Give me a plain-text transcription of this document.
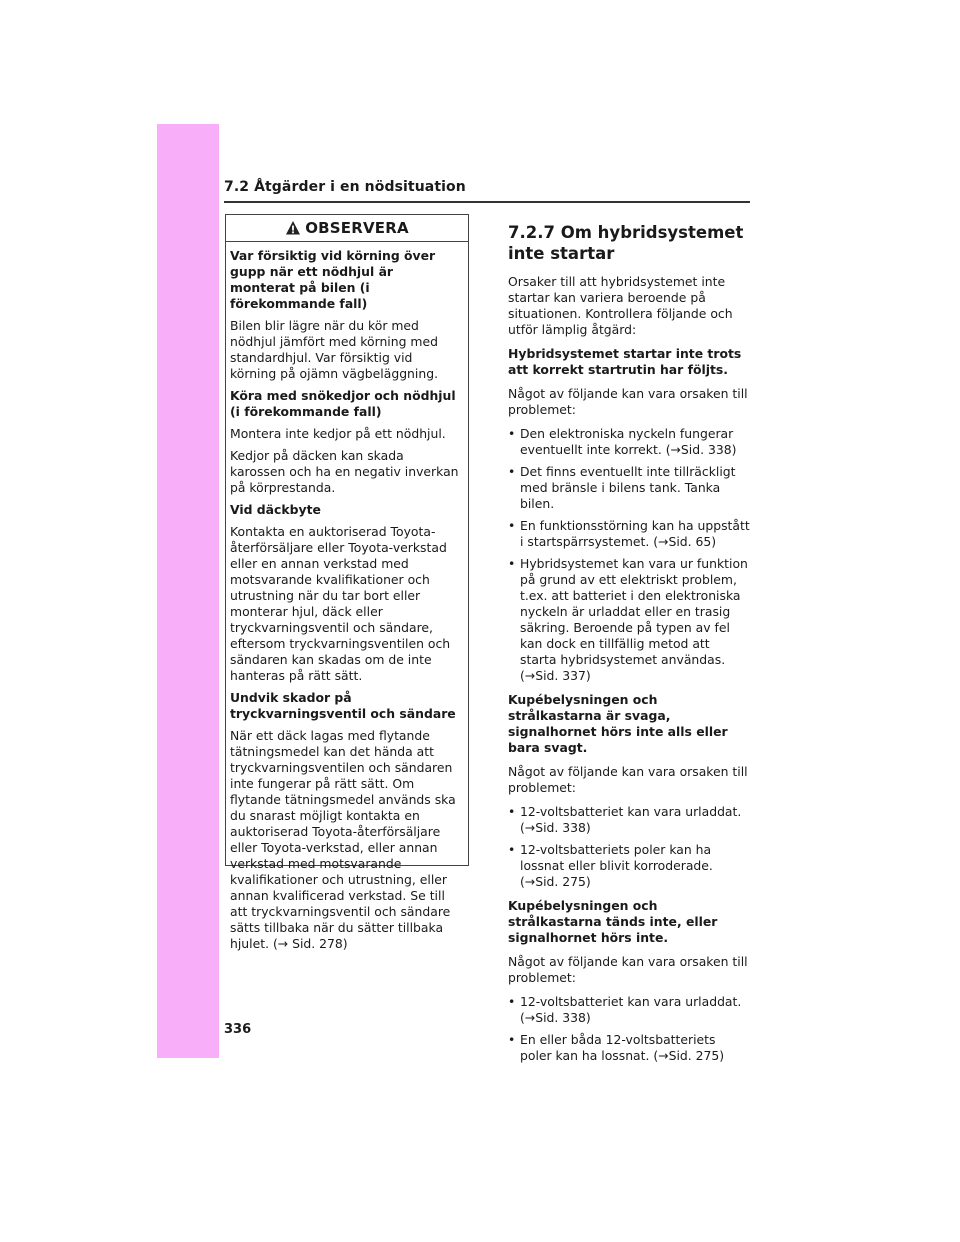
7.2 Åtgärder i en nödsituation
OBSERVERA

Var försiktig vid körning över gupp när ett nödhjul är monterat på bilen (i förekommande fall)

Bilen blir lägre när du kör med nödhjul jämfört med körning med standardhjul. Var försiktig vid körning på ojämn vägbeläggning.

Köra med snökedjor och nödhjul (i förekommande fall)

Montera inte kedjor på ett nödhjul.

Kedjor på däcken kan skada karossen och ha en negativ inverkan på körprestanda.

Vid däckbyte

Kontakta en auktoriserad Toyota-återförsäljare eller Toyota-verkstad eller en annan verkstad med motsvarande kvalifikationer och utrustning när du tar bort eller monterar hjul, däck eller tryckvarningsventil och sändare, eftersom tryckvarningsventilen och sändaren kan skadas om de inte hanteras på rätt sätt.

Undvik skador på tryckvarningsventil och sändare

När ett däck lagas med flytande tätningsmedel kan det hända att tryckvarningsventilen och sändaren inte fungerar på rätt sätt. Om flytande tätningsmedel används ska du snarast möjligt kontakta en auktoriserad Toyota-återförsäljare eller Toyota-verkstad, eller annan verkstad med motsvarande kvalifikationer och utrustning, eller annan kvalificerad verkstad. Se till att tryckvarningsventil och sändare sätts tillbaka när du sätter tillbaka hjulet. (→ Sid. 278)

7.2.7 Om hybridsystemet inte startar

Orsaker till att hybridsystemet inte startar kan variera beroende på situationen. Kontrollera följande och utför lämplig åtgärd:

Hybridsystemet startar inte trots att korrekt startrutin har följts.

Något av följande kan vara orsaken till problemet:

• Den elektroniska nyckeln fungerar eventuellt inte korrekt. (→Sid. 338)
• Det finns eventuellt inte tillräckligt med bränsle i bilens tank. Tanka bilen.
• En funktionsstörning kan ha uppstått i startspärrsystemet. (→Sid. 65)
• Hybridsystemet kan vara ur funktion på grund av ett elektriskt problem, t.ex. att batteriet i den elektroniska nyckeln är urladdat eller en trasig säkring. Beroende på typen av fel kan dock en tillfällig metod att starta hybridsystemet användas. (→Sid. 337)

Kupébelysningen och strålkastarna är svaga, signalhornet hörs inte alls eller bara svagt.

Något av följande kan vara orsaken till problemet:

• 12-voltsbatteriet kan vara urladdat. (→Sid. 338)
• 12-voltsbatteriets poler kan ha lossnat eller blivit korroderade. (→Sid. 275)

Kupébelysningen och strålkastarna tänds inte, eller signalhornet hörs inte.

Något av följande kan vara orsaken till problemet:

• 12-voltsbatteriet kan vara urladdat. (→Sid. 338)
• En eller båda 12-voltsbatteriets poler kan ha lossnat. (→Sid. 275)
336
